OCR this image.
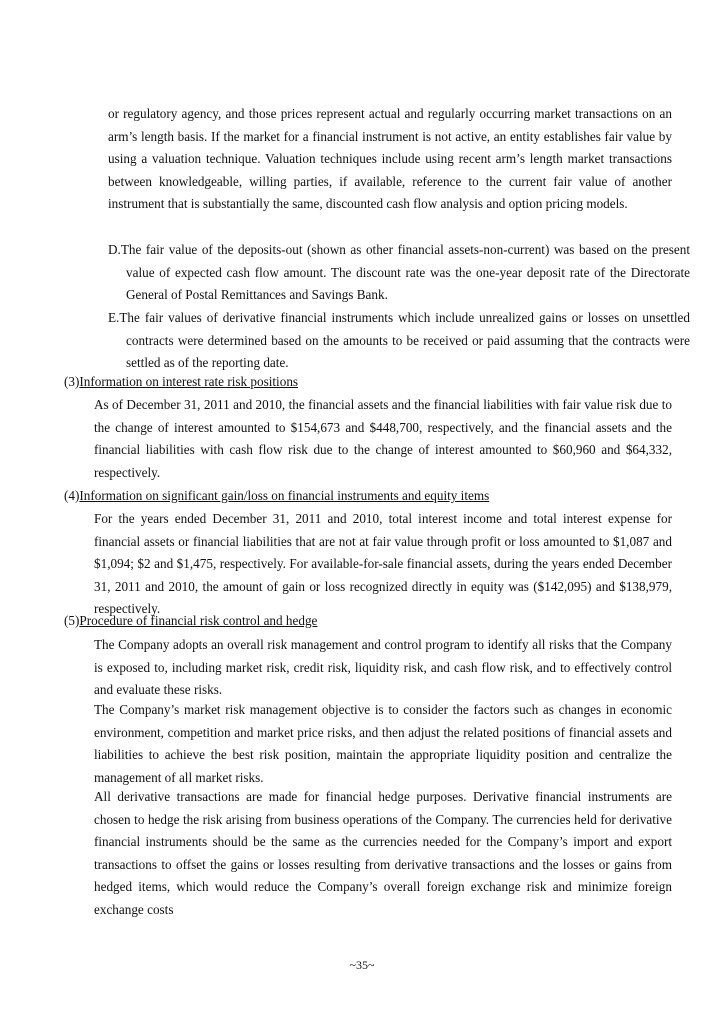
or regulatory agency, and those prices represent actual and regularly occurring market transactions on an arm’s length basis. If the market for a financial instrument is not active, an entity establishes fair value by using a valuation technique. Valuation techniques include using recent arm’s length market transactions between knowledgeable, willing parties, if available, reference to the current fair value of another instrument that is substantially the same, discounted cash flow analysis and option pricing models.

D.The fair value of the deposits-out (shown as other financial assets-non-current) was based on the present value of expected cash flow amount. The discount rate was the one-year deposit rate of the Directorate General of Postal Remittances and Savings Bank.

E.The fair values of derivative financial instruments which include unrealized gains or losses on unsettled contracts were determined based on the amounts to be received or paid assuming that the contracts were settled as of the reporting date.

(3)Information on interest rate risk positions

As of December 31, 2011 and 2010, the financial assets and the financial liabilities with fair value risk due to the change of interest amounted to $154,673 and $448,700, respectively, and the financial assets and the financial liabilities with cash flow risk due to the change of interest amounted to $60,960 and $64,332, respectively.

(4)Information on significant gain/loss on financial instruments and equity items

For the years ended December 31, 2011 and 2010, total interest income and total interest expense for financial assets or financial liabilities that are not at fair value through profit or loss amounted to $1,087 and $1,094; $2 and $1,475, respectively. For available-for-sale financial assets, during the years ended December 31, 2011 and 2010, the amount of gain or loss recognized directly in equity was ($142,095) and $138,979, respectively.

(5)Procedure of financial risk control and hedge

The Company adopts an overall risk management and control program to identify all risks that the Company is exposed to, including market risk, credit risk, liquidity risk, and cash flow risk, and to effectively control and evaluate these risks.

The Company’s market risk management objective is to consider the factors such as changes in economic environment, competition and market price risks, and then adjust the related positions of financial assets and liabilities to achieve the best risk position, maintain the appropriate liquidity position and centralize the management of all market risks.

All derivative transactions are made for financial hedge purposes. Derivative financial instruments are chosen to hedge the risk arising from business operations of the Company. The currencies held for derivative financial instruments should be the same as the currencies needed for the Company’s import and export transactions to offset the gains or losses resulting from derivative transactions and the losses or gains from hedged items, which would reduce the Company’s overall foreign exchange risk and minimize foreign exchange costs

~35~
